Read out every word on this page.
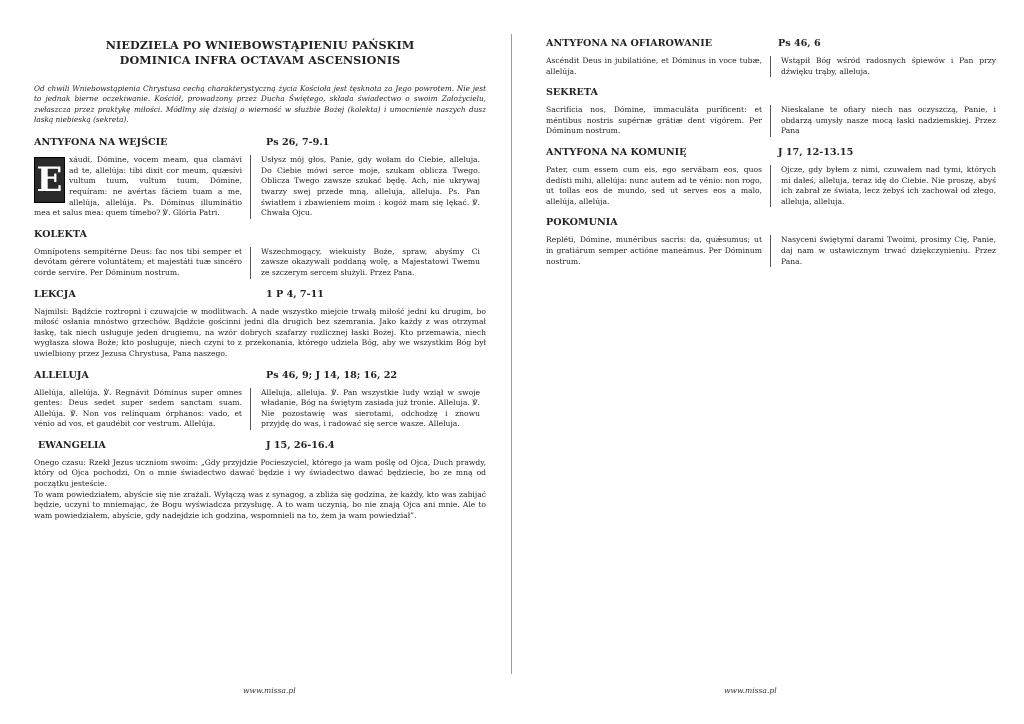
NIEDZIELA PO WNIEBOWSTĄPIENIU PAŃSKIM
DOMINICA INFRA OCTAVAM ASCENSIONIS
Od chwili Wniebowstąpienia Chrystusa cechą charakterystyczną życia Kościoła jest tęsknota za Jego powrotem. Nie jest to jednak bierne oczekiwanie. Kościół, prowadzony przez Ducha Świętego, składa świadectwo o swoim Założycielu, zwłaszcza przez praktykę miłości. Módlmy się dzisiaj o wierność w służbie Bożej (kolekta) i umocnienie naszych dusz łaską niebieską (sekreta).
ANTYFONA NA WEJŚCIE	Ps 26, 7-9.1
E
xáudi, Dómine, vocem meam, qua clamávi ad te, allelúja: tibi dixit cor meum, quæsívi vultum tuum, vultum tuum, Dómine, requíram: ne avértas fáciem tuam a me, allelúja, allelúja. Ps. Dóminus illuminátio mea et salus mea: quem tímebo? ℣. Glória Patri.
Usłysz mój głos, Panie, gdy wołam do Ciebie, alleluja. Do Ciebie mówi serce moje, szukam oblicza Twego. Oblicza Twego zawsze szukać będę. Ach, nie ukrywaj twarzy swej przede mną, alleluja, alleluja. Ps. Pan światłem i zbawieniem moim : kogóż mam się lękać. ℣. Chwała Ojcu.
KOLEKTA
Omnípotens sempitérne Deus: fac nos tibi semper et devótam gérere voluntátem; et majestáti tuæ sincéro corde servíre. Per Dóminum nostrum.
Wszechmogący, wiekuisty Boże, spraw, abyśmy Ci zawsze okazywali poddaną wolę, a Majestatowi Twemu ze szczerym sercem służyli. Przez Pana.
LEKCJA	1 P 4, 7-11
Najmilsi: Bądźcie roztropni i czuwajcie w modlitwach. A nade wszystko miejcie trwałą miłość jedni ku drugim, bo miłość osłania mnóstwo grzechów. Bądźcie gościnni jedni dla drugich bez szemrania. Jako każdy z was otrzymał łaskę, tak niech usługuje jeden drugiemu, na wzór dobrych szafarzy rozlicznej łaski Bożej. Kto przemawia, niech wygłasza słowa Boże; kto posługuje, niech czyni to z przekonania, którego udziela Bóg, aby we wszystkim Bóg był uwielbiony przez Jezusa Chrystusa, Pana naszego.
ALLELUJA	Ps 46, 9; J 14, 18; 16, 22
Allelúja, allelúja. ℣. Regnávit Dóminus super omnes gentes: Deus sedet super sedem sanctam suam. Allelúja. ℣. Non vos relínquam órphanos: vado, et vénio ad vos, et gaudébit cor vestrum. Allelúja.
Alleluja, alleluja. ℣. Pan wszystkie ludy wziął w swoje władanie, Bóg na świętym zasiada już tronie. Alleluja. ℣. Nie pozostawię was sierotami, odchodzę i znowu przyjdę do was, i radować się serce wasze. Alleluja.
EWANGELIA	J 15, 26-16.4
Onego czasu: Rzekł Jezus uczniom swoim: „Gdy przyjdzie Pocieszyciel, którego ja wam poślę od Ojca, Duch prawdy, który od Ojca pochodzi, On o mnie świadectwo dawać będzie i wy świadectwo dawać będziecie, bo ze mną od początku jesteście.
To wam powiedziałem, abyście się nie zrażali. Wyłączą was z synagog, a zbliża się godzina, że każdy, kto was zabijać będzie, uczyni to mniemając, że Bogu wyświadcza przysługę. A to wam uczynią, bo nie znają Ojca ani mnie. Ale to wam powiedziałem, abyście, gdy nadejdzie ich godzina, wspomnieli na to, żem ja wam powiedział”.
www.missa.pl
ANTYFONA NA OFIAROWANIE	Ps 46, 6
Ascéndit Deus in jubilatióne, et Dóminus in voce tubæ, allelúja.
Wstąpił Bóg wśród radosnych śpiewów i Pan przy dźwięku trąby, alleluja.
SEKRETA
Sacrifícia nos, Dómine, immaculáta puríficent: et méntibus nostris supérnæ grátiæ dent vigórem. Per Dóminum nostrum.
Nieskalane te ofiary niech nas oczyszczą, Panie, i obdarzą umysły nasze mocą łaski nadziemskiej. Przez Pana
ANTYFONA NA KOMUNIĘ	J 17, 12-13.15
Pater, cum essem cum eis, ego servábam eos, quos dedísti mihi, allelúja: nunc autem ad te vénio: non rogo, ut tollas eos de mundo, sed ut serves eos a malo, allelúja, allelúja.
Ojcze, gdy byłem z nimi, czuwałem nad tymi, których mi dałeś, alleluja, teraz idę do Ciebie. Nie proszę, abyś ich zabrał ze świata, lecz żebyś ich zachował od złego, alleluja, alleluja.
POKOMUNIA
Repléti, Dómine, munéribus sacris: da, quǽsumus; ut in gratiárum semper actióne maneámus. Per Dóminum nostrum.
Nasyceni świętymi darami Twoimi, prosimy Cię, Panie, daj nam w ustawicznym trwać dziękczynieniu. Przez Pana.
www.missa.pl
